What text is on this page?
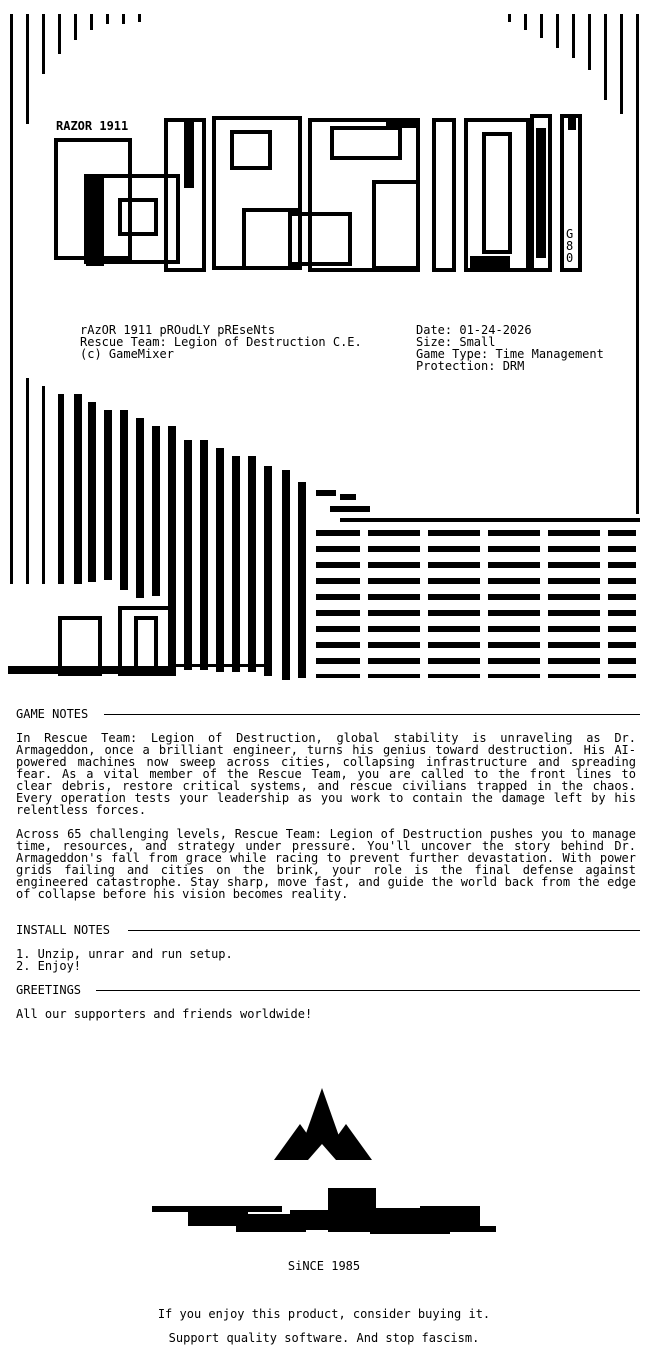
RAZOR 1911
G80
rAzOR 1911 pROudLY pREseNts
Rescue Team: Legion of Destruction C.E.
(c) GameMixer
Date: 01-24-2026
Size: Small
Game Type: Time Management
Protection: DRM
GAME NOTES
In Rescue Team: Legion of Destruction, global stability is unraveling as Dr. Armageddon, once a brilliant engineer, turns his genius toward destruction. His AI-powered machines now sweep across cities, collapsing infrastructure and spreading fear. As a vital member of the Rescue Team, you are called to the front lines to clear debris, restore critical systems, and rescue civilians trapped in the chaos. Every operation tests your leadership as you work to contain the damage left by his relentless forces.
Across 65 challenging levels, Rescue Team: Legion of Destruction pushes you to manage time, resources, and strategy under pressure. You'll uncover the story behind Dr. Armageddon's fall from grace while racing to prevent further devastation. With power grids failing and cities on the brink, your role is the final defense against engineered catastrophe. Stay sharp, move fast, and guide the world back from the edge of collapse before his vision becomes reality.
INSTALL NOTES
1. Unzip, unrar and run setup.
2. Enjoy!
GREETINGS
All our supporters and friends worldwide!
SiNCE 1985
If you enjoy this product, consider buying it.
Support quality software. And stop fascism.
